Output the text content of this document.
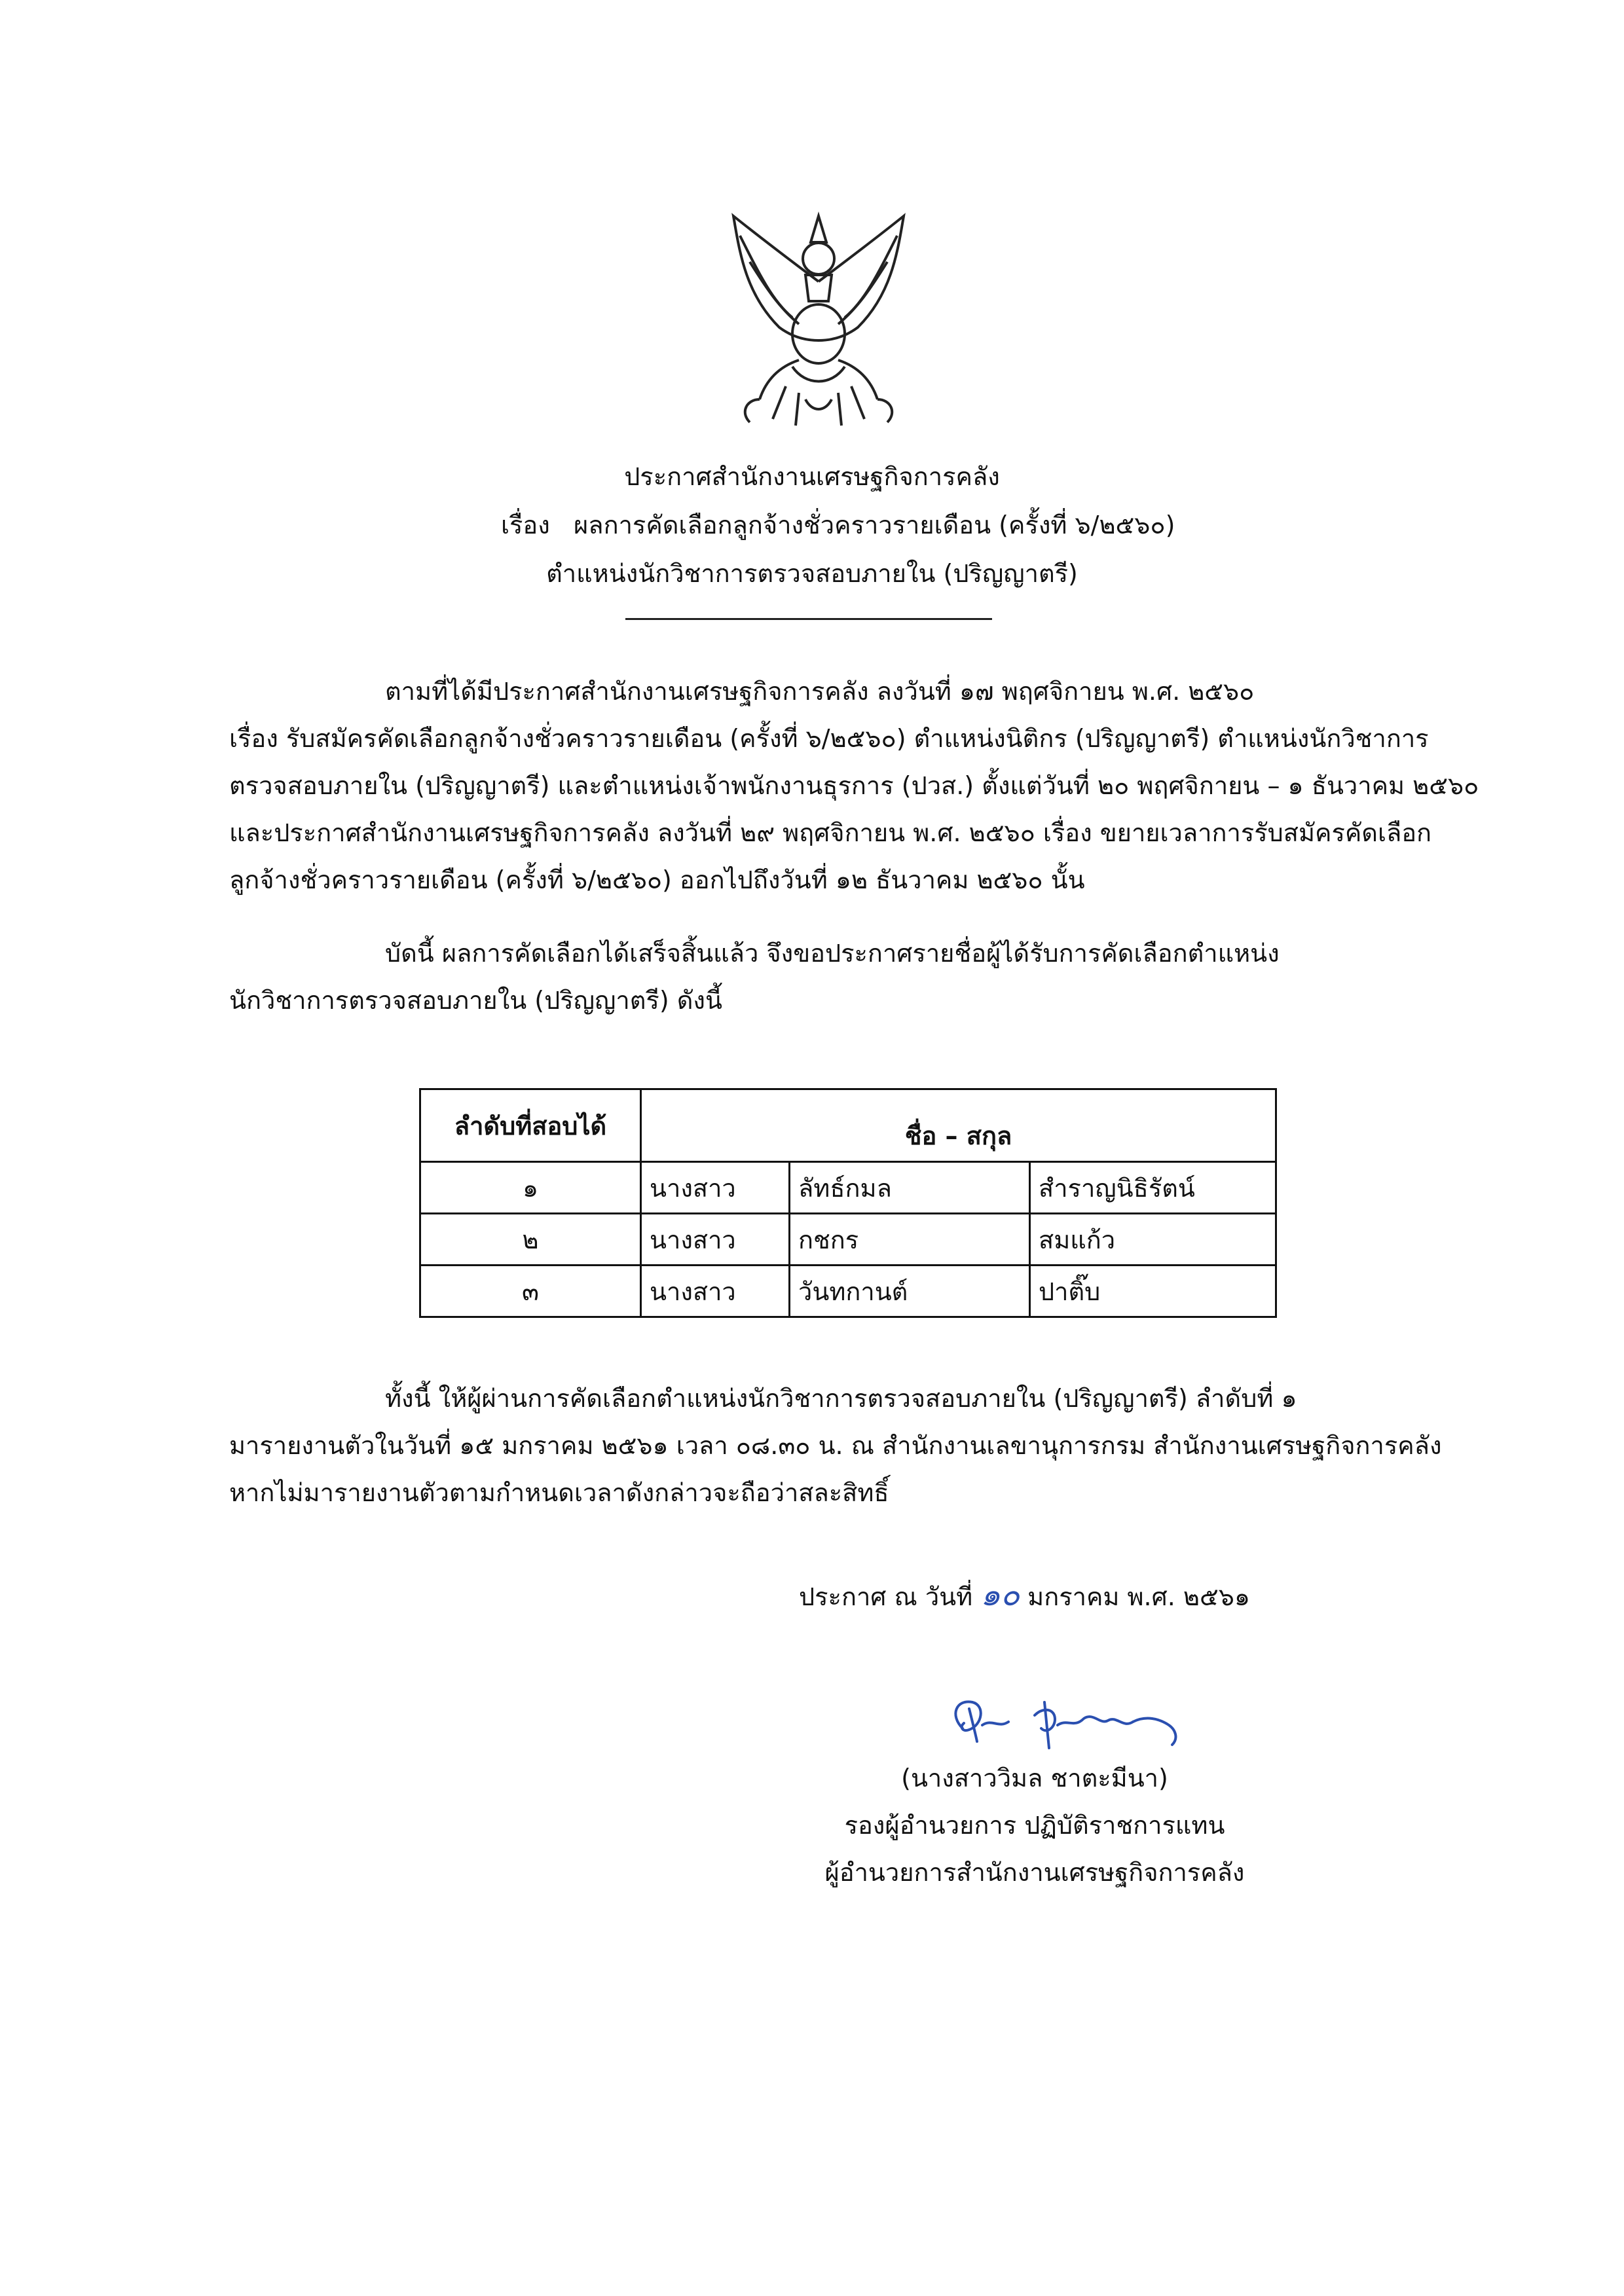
ประกาศสำนักงานเศรษฐกิจการคลัง
เรื่อง ผลการคัดเลือกลูกจ้างชั่วคราวรายเดือน (ครั้งที่ ๖/๒๕๖๐)
ตำแหน่งนักวิชาการตรวจสอบภายใน (ปริญญาตรี)
ตามที่ได้มีประกาศสำนักงานเศรษฐกิจการคลัง ลงวันที่ ๑๗ พฤศจิกายน พ.ศ. ๒๕๖๐
เรื่อง รับสมัครคัดเลือกลูกจ้างชั่วคราวรายเดือน (ครั้งที่ ๖/๒๕๖๐) ตำแหน่งนิติกร (ปริญญาตรี) ตำแหน่งนักวิชาการ
ตรวจสอบภายใน (ปริญญาตรี) และตำแหน่งเจ้าพนักงานธุรการ (ปวส.) ตั้งแต่วันที่ ๒๐ พฤศจิกายน – ๑ ธันวาคม ๒๕๖๐
และประกาศสำนักงานเศรษฐกิจการคลัง ลงวันที่ ๒๙ พฤศจิกายน พ.ศ. ๒๕๖๐ เรื่อง ขยายเวลาการรับสมัครคัดเลือก
ลูกจ้างชั่วคราวรายเดือน (ครั้งที่ ๖/๒๕๖๐) ออกไปถึงวันที่ ๑๒ ธันวาคม ๒๕๖๐ นั้น
บัดนี้ ผลการคัดเลือกได้เสร็จสิ้นแล้ว จึงขอประกาศรายชื่อผู้ได้รับการคัดเลือกตำแหน่ง
นักวิชาการตรวจสอบภายใน (ปริญญาตรี) ดังนี้
ลำดับที่สอบได้	ชื่อ – สกุล		
๑	นางสาว	ลัทธ์กมล	สำราญนิธิรัตน์
๒	นางสาว	กชกร	สมแก้ว
๓	นางสาว	วันทกานต์	ปาติ๊บ
ทั้งนี้ ให้ผู้ผ่านการคัดเลือกตำแหน่งนักวิชาการตรวจสอบภายใน (ปริญญาตรี) ลำดับที่ ๑
มารายงานตัวในวันที่ ๑๕ มกราคม ๒๕๖๑ เวลา ๐๘.๓๐ น. ณ สำนักงานเลขานุการกรม สำนักงานเศรษฐกิจการคลัง
หากไม่มารายงานตัวตามกำหนดเวลาดังกล่าวจะถือว่าสละสิทธิ์
ประกาศ ณ วันที่ ๑๐ มกราคม พ.ศ. ๒๕๖๑
(นางสาววิมล ชาตะมีนา)
รองผู้อำนวยการ ปฏิบัติราชการแทน
ผู้อำนวยการสำนักงานเศรษฐกิจการคลัง
